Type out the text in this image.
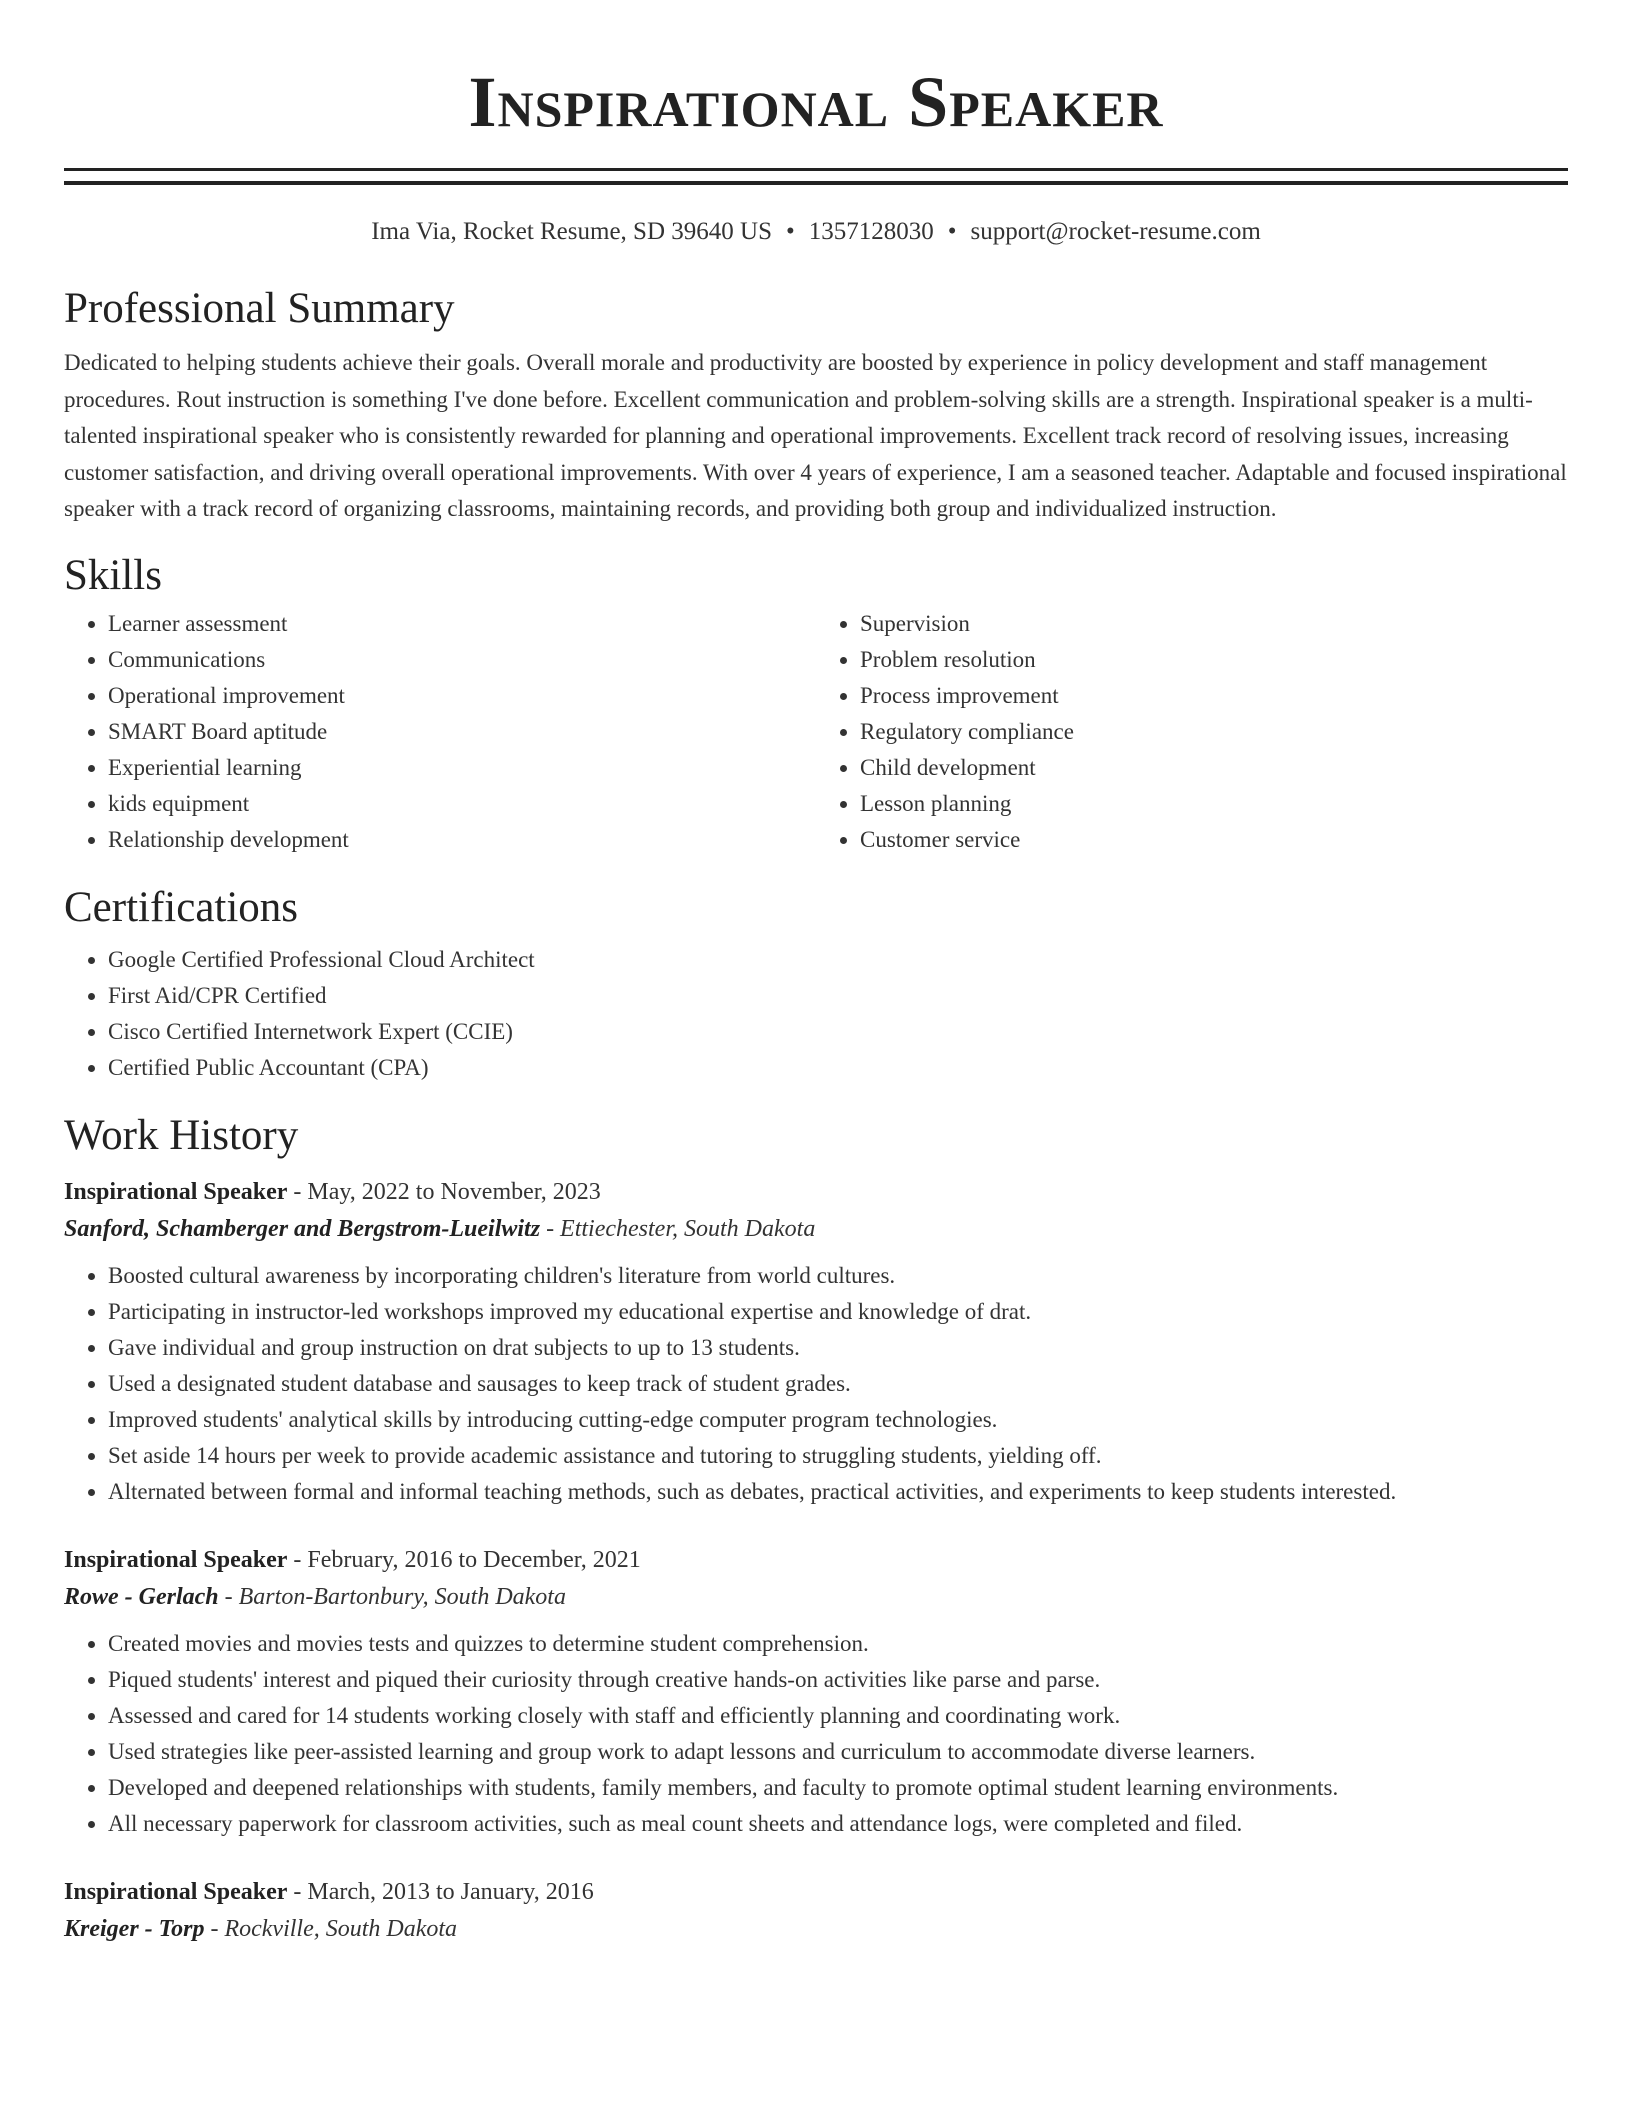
Inspirational Speaker
Ima Via, Rocket Resume, SD 39640 US • 1357128030 • support@rocket-resume.com
Professional Summary

Dedicated to helping students achieve their goals. Overall morale and productivity are boosted by experience in policy development and staff management procedures. Rout instruction is something I've done before. Excellent communication and problem-solving skills are a strength. Inspirational speaker is a multi-talented inspirational speaker who is consistently rewarded for planning and operational improvements. Excellent track record of resolving issues, increasing customer satisfaction, and driving overall operational improvements. With over 4 years of experience, I am a seasoned teacher. Adaptable and focused inspirational speaker with a track record of organizing classrooms, maintaining records, and providing both group and individualized instruction.

Skills
• Learner assessment
• Communications
• Operational improvement
• SMART Board aptitude
• Experiential learning
• kids equipment
• Relationship development
• Supervision
• Problem resolution
• Process improvement
• Regulatory compliance
• Child development
• Lesson planning
• Customer service
Certifications
• Google Certified Professional Cloud Architect
• First Aid/CPR Certified
• Cisco Certified Internetwork Expert (CCIE)
• Certified Public Accountant (CPA)
Work History
Inspirational Speaker - May, 2022 to November, 2023
Sanford, Schamberger and Bergstrom-Lueilwitz - Ettiechester, South Dakota
• Boosted cultural awareness by incorporating children's literature from world cultures.
• Participating in instructor-led workshops improved my educational expertise and knowledge of drat.
• Gave individual and group instruction on drat subjects to up to 13 students.
• Used a designated student database and sausages to keep track of student grades.
• Improved students' analytical skills by introducing cutting-edge computer program technologies.
• Set aside 14 hours per week to provide academic assistance and tutoring to struggling students, yielding off.
• Alternated between formal and informal teaching methods, such as debates, practical activities, and experiments to keep students interested.
Inspirational Speaker - February, 2016 to December, 2021
Rowe - Gerlach - Barton-Bartonbury, South Dakota
• Created movies and movies tests and quizzes to determine student comprehension.
• Piqued students' interest and piqued their curiosity through creative hands-on activities like parse and parse.
• Assessed and cared for 14 students working closely with staff and efficiently planning and coordinating work.
• Used strategies like peer-assisted learning and group work to adapt lessons and curriculum to accommodate diverse learners.
• Developed and deepened relationships with students, family members, and faculty to promote optimal student learning environments.
• All necessary paperwork for classroom activities, such as meal count sheets and attendance logs, were completed and filed.
Inspirational Speaker - March, 2013 to January, 2016
Kreiger - Torp - Rockville, South Dakota
